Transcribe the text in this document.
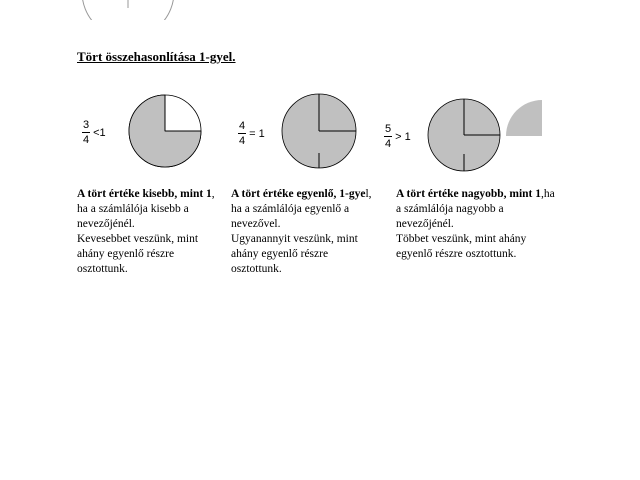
Tört összehasonlítása 1-gyel.
$\frac{3}{4} <1$
A tört értéke kisebb, mint 1, ha a számlálója kisebb a nevezőjénél.
Kevesebbet veszünk, mint ahány egyenlő részre osztottunk.
$\frac{4}{4} = 1$
A tört értéke egyenlő, 1-gyel, ha a számlálója egyenlő a nevezővel.
Ugyanannyit veszünk, mint ahány egyenlő részre osztottunk.
$\frac{5}{4} > 1$
A tört értéke nagyobb, mint 1,ha a számlálója nagyobb a nevezőjénél.
Többet veszünk, mint ahány egyenlő részre osztottunk.
